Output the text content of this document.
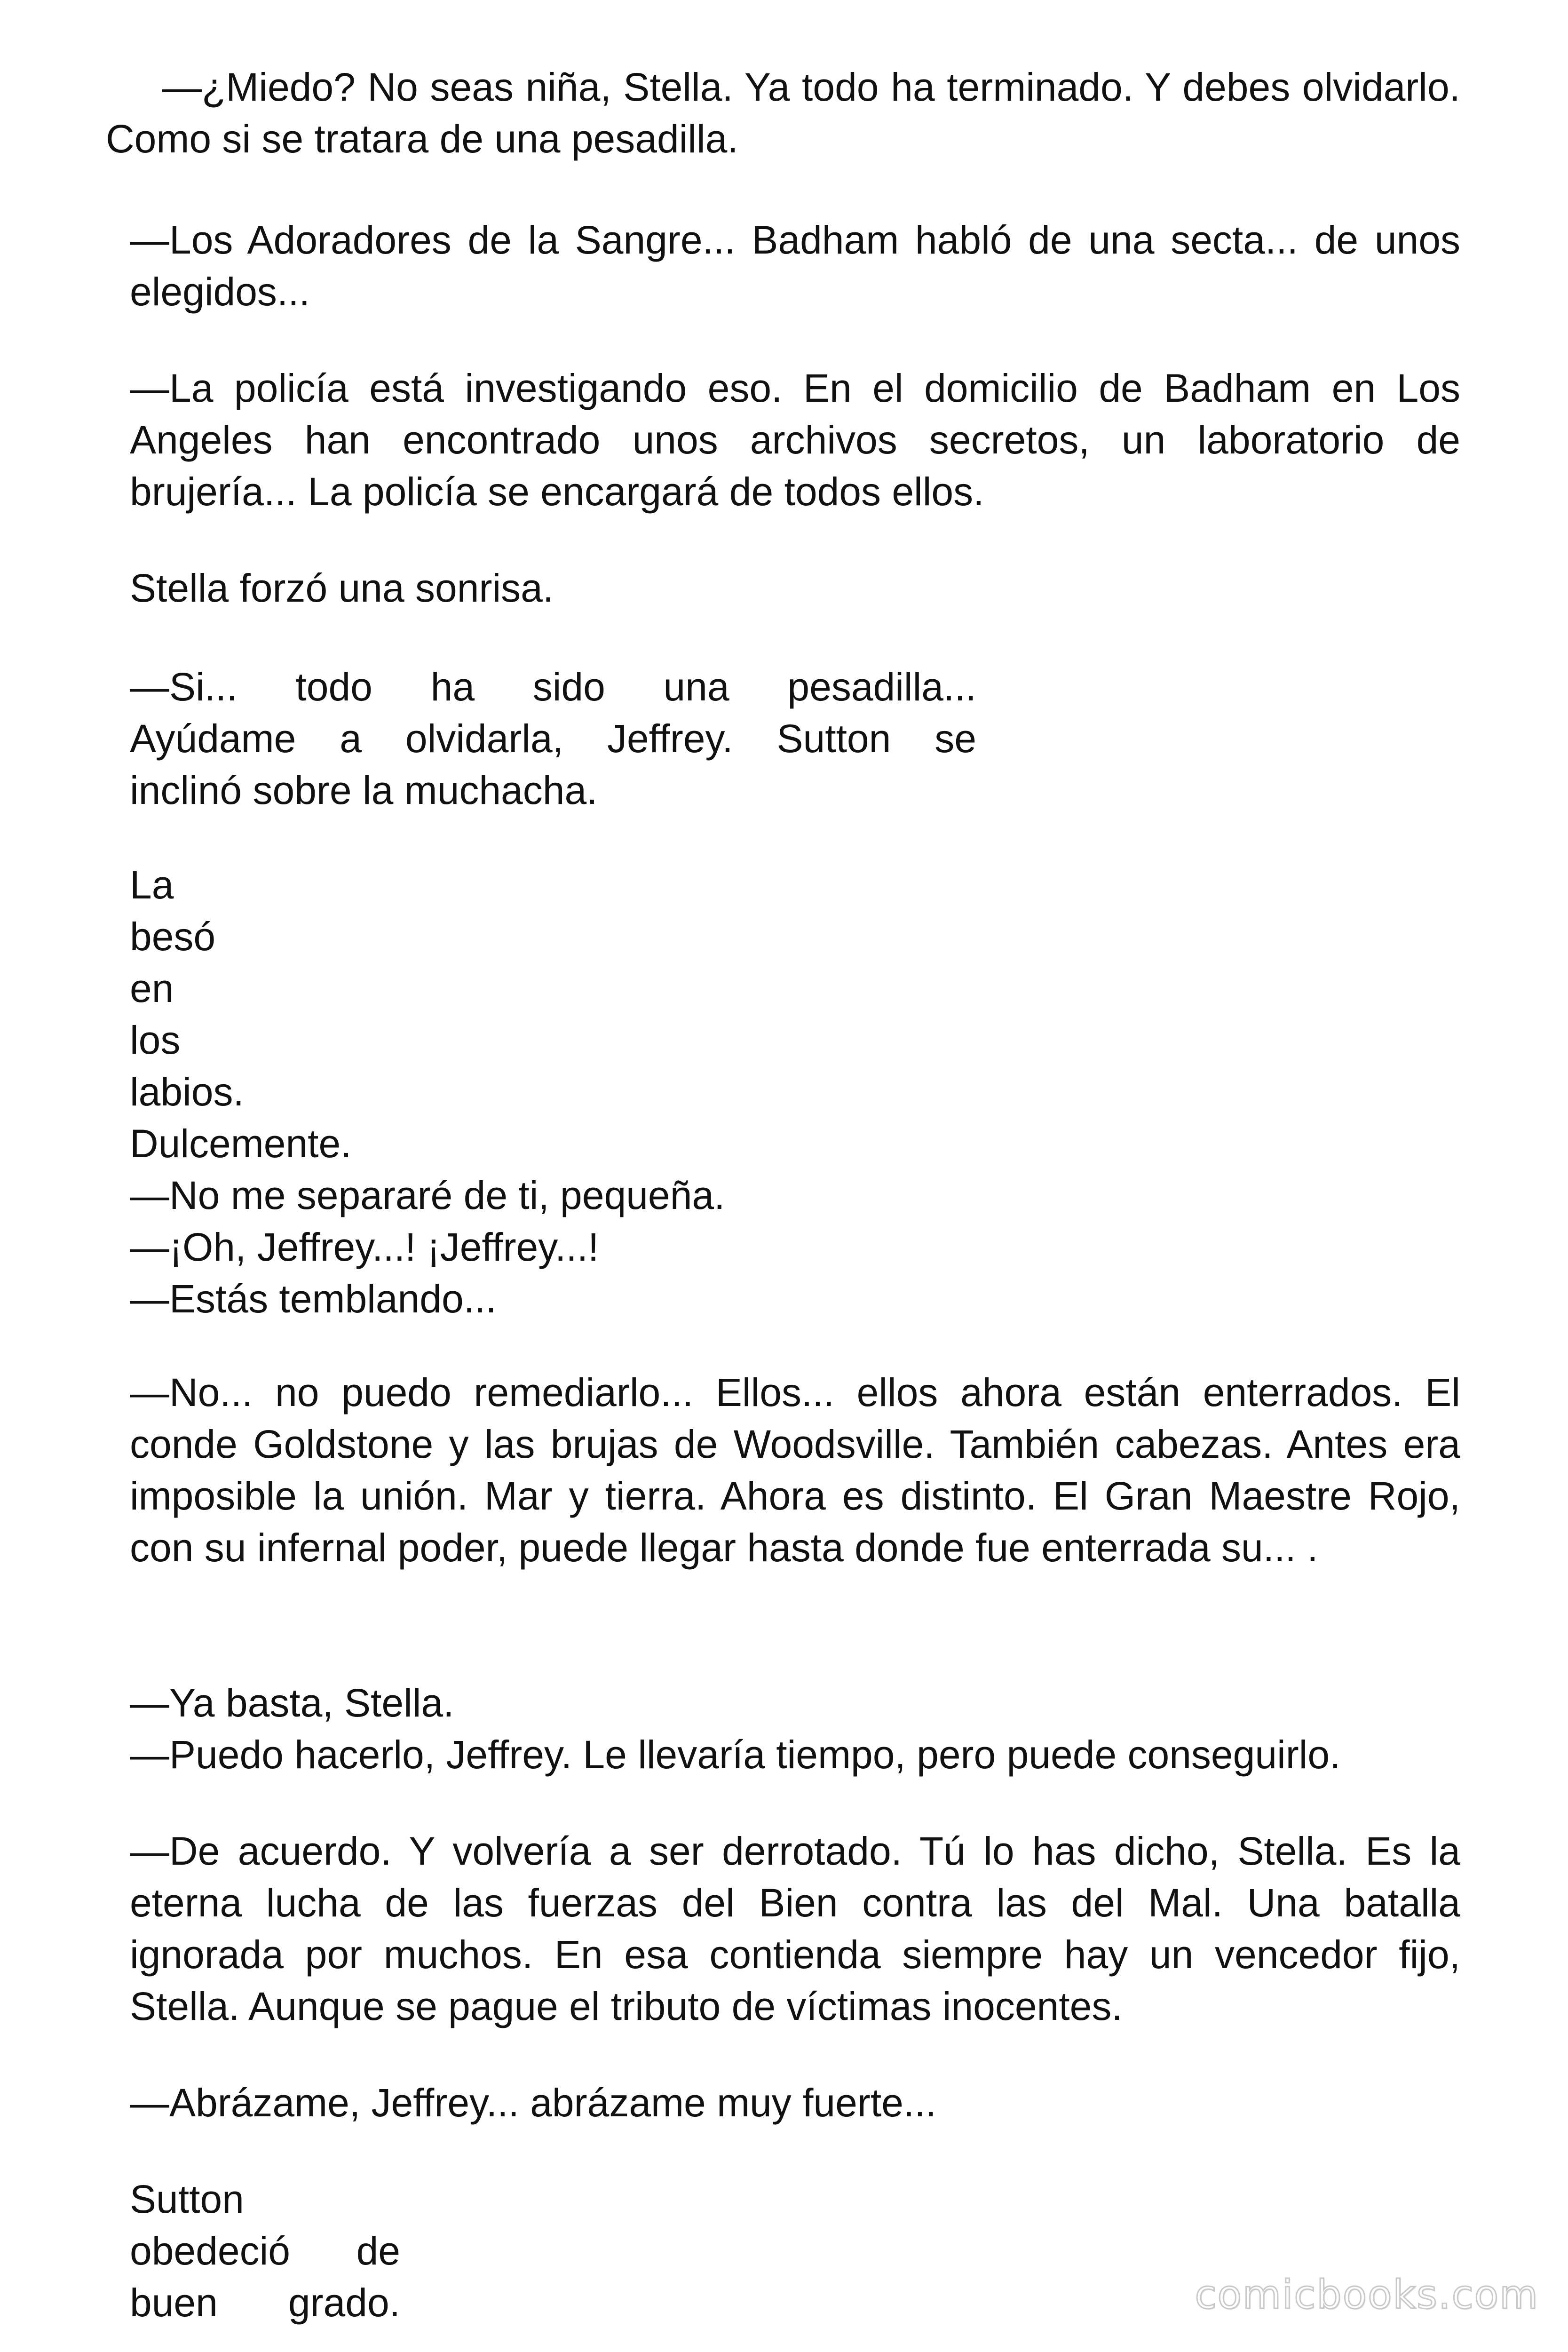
—¿Miedo? No seas niña, Stella. Ya todo ha terminado. Y debes olvidarlo. Como si se tratara de una pesadilla.
—Los Adoradores de la Sangre... Badham habló de una secta... de unos elegidos...
—La policía está investigando eso. En el domicilio de Badham en Los Angeles han encontrado unos archivos secretos, un laboratorio de brujería... La policía se encargará de todos ellos.
Stella forzó una sonrisa.
—Si... todo ha sido una pesadilla...
Ayúdame a olvidarla, Jeffrey. Sutton se
inclinó sobre la muchacha.
La
besó
en
los
labios.
Dulcemente.
—No me separaré de ti, pequeña.
—¡Oh, Jeffrey...! ¡Jeffrey...!
—Estás temblando...
—No... no puedo remediarlo... Ellos... ellos ahora están enterrados. El conde Goldstone y las brujas de Woodsville. También cabezas. Antes era imposible la unión. Mar y tierra. Ahora es distinto. El Gran Maestre Rojo, con su infernal poder, puede llegar hasta donde fue enterrada su... .
—Ya basta, Stella.
—Puedo hacerlo, Jeffrey. Le llevaría tiempo, pero puede conseguirlo.
—De acuerdo. Y volvería a ser derrotado. Tú lo has dicho, Stella. Es la eterna lucha de las fuerzas del Bien contra las del Mal. Una batalla ignorada por muchos. En esa contienda siempre hay un vencedor fijo, Stella. Aunque se pague el tributo de víctimas inocentes.
—Abrázame, Jeffrey... abrázame muy fuerte...
Sutton
obedeció de
buen grado.	comicbooks.com
